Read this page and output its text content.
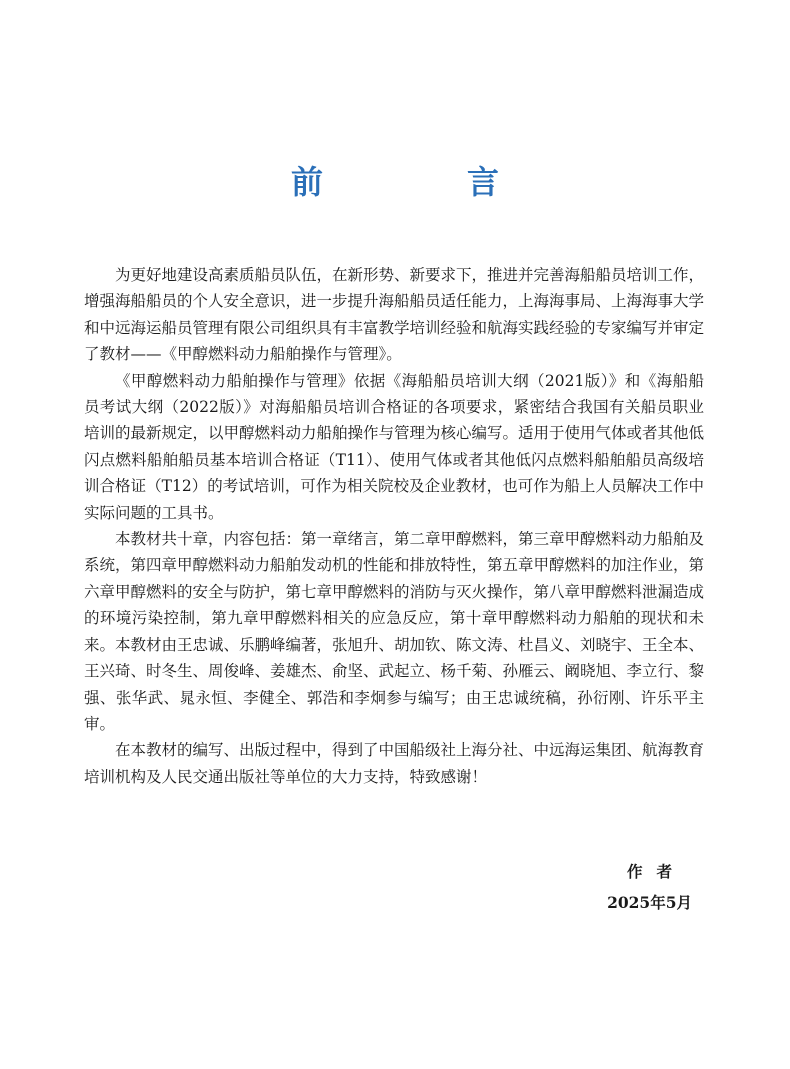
前　言

为更好地建设高素质船员队伍，在新形势、新要求下，推进并完善海船船员培训工作，增强海船船员的个人安全意识，进一步提升海船船员适任能力，上海海事局、上海海事大学和中远海运船员管理有限公司组织具有丰富教学培训经验和航海实践经验的专家编写并审定了教材——《甲醇燃料动力船舶操作与管理》。

《甲醇燃料动力船舶操作与管理》依据《海船船员培训大纲（2021版）》和《海船船员考试大纲（2022版）》对海船船员培训合格证的各项要求，紧密结合我国有关船员职业培训的最新规定，以甲醇燃料动力船舶操作与管理为核心编写。适用于使用气体或者其他低闪点燃料船舶船员基本培训合格证（T11）、使用气体或者其他低闪点燃料船舶船员高级培训合格证（T12）的考试培训，可作为相关院校及企业教材，也可作为船上人员解决工作中实际问题的工具书。

本教材共十章，内容包括：第一章绪言，第二章甲醇燃料，第三章甲醇燃料动力船舶及系统，第四章甲醇燃料动力船舶发动机的性能和排放特性，第五章甲醇燃料的加注作业，第六章甲醇燃料的安全与防护，第七章甲醇燃料的消防与灭火操作，第八章甲醇燃料泄漏造成的环境污染控制，第九章甲醇燃料相关的应急反应，第十章甲醇燃料动力船舶的现状和未来。本教材由王忠诚、乐鹏峰编著，张旭升、胡加钦、陈文涛、杜昌义、刘晓宇、王全本、王兴琦、时冬生、周俊峰、姜雄杰、俞坚、武起立、杨千菊、孙雁云、阚晓旭、李立行、黎强、张华武、晁永恒、李健全、郭浩和李炯参与编写；由王忠诚统稿，孙衍刚、许乐平主审。

在本教材的编写、出版过程中，得到了中国船级社上海分社、中远海运集团、航海教育培训机构及人民交通出版社等单位的大力支持，特致感谢！

作者
2025年5月
